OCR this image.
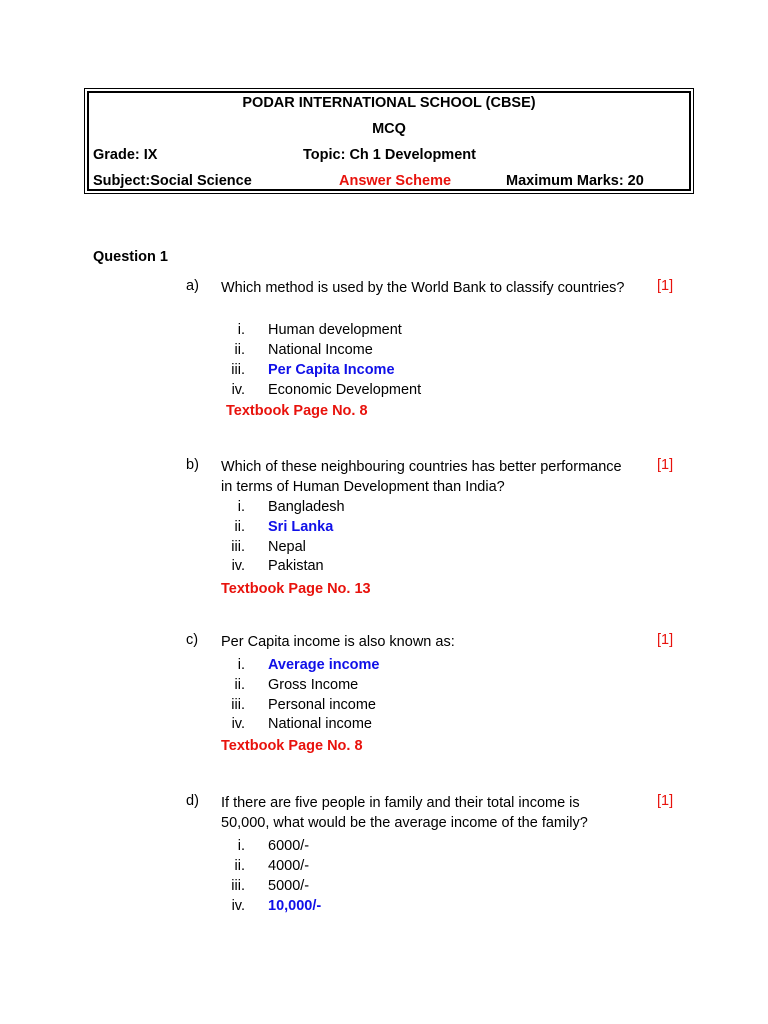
PODAR INTERNATIONAL SCHOOL (CBSE)
MCQ
Grade: IX	Topic: Ch 1 Development
Subject:Social Science	Answer Scheme	Maximum Marks: 20
Question 1
a) Which method is used by the World Bank to classify countries?	[1]
i. Human development
ii. National Income
iii. Per Capita Income
iv. Economic Development
Textbook Page No. 8
b) Which of these neighbouring countries has better performance in terms of Human Development than India?
[1]
i. Bangladesh
ii. Sri Lanka
iii. Nepal
iv. Pakistan
Textbook Page No. 13
c) Per Capita income is also known as:	[1]
i. Average income
ii. Gross Income
iii. Personal income
iv. National income
Textbook Page No. 8
d) If there are five people in family and their total income is 50,000, what would be the average income of the family?
[1]
i. 6000/-
ii. 4000/-
iii. 5000/-
iv. 10,000/-
